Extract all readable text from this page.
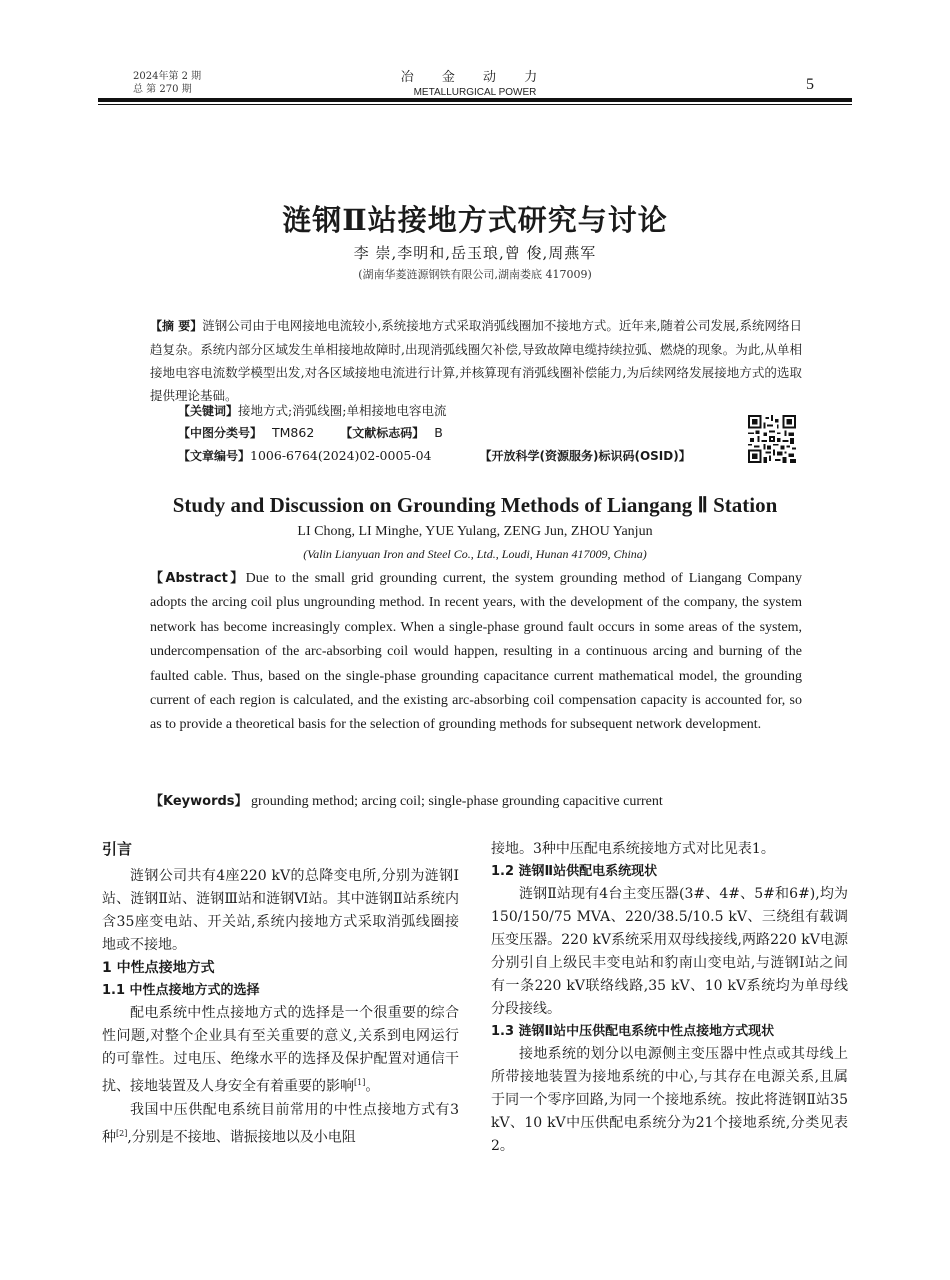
2024年第 2 期
总 第 270 期
冶 金 动 力
METALLURGICAL POWER	5
涟钢Ⅱ站接地方式研究与讨论
李 崇,李明和,岳玉琅,曾 俊,周燕军
(湖南华菱涟源钢铁有限公司,湖南娄底 417009)
【摘 要】涟钢公司由于电网接地电流较小,系统接地方式采取消弧线圈加不接地方式。近年来,随着公司发展,系统网络日趋复杂。系统内部分区域发生单相接地故障时,出现消弧线圈欠补偿,导致故障电缆持续拉弧、燃烧的现象。为此,从单相接地电容电流数学模型出发,对各区域接地电流进行计算,并核算现有消弧线圈补偿能力,为后续网络发展接地方式的选取提供理论基础。
【关键词】接地方式;消弧线圈;单相接地电容电流
【中图分类号】 TM862 【文献标志码】 B
【文章编号】1006-6764(2024)02-0005-04	【开放科学(资源服务)标识码(OSID)】
Study and Discussion on Grounding Methods of Liangang Ⅱ Station
LI Chong, LI Minghe, YUE Yulang, ZENG Jun, ZHOU Yanjun
(Valin Lianyuan Iron and Steel Co., Ltd., Loudi, Hunan 417009, China)
【Abstract】Due to the small grid grounding current, the system grounding method of Liangang Company adopts the arcing coil plus ungrounding method. In recent years, with the development of the company, the system network has become increasingly complex. When a single-phase ground fault occurs in some areas of the system, undercompensation of the arc-absorbing coil would happen, resulting in a continuous arcing and burning of the faulted cable. Thus, based on the single-phase grounding capacitance current mathematical model, the grounding current of each region is calculated, and the existing arc-absorbing coil compensation capacity is accounted for, so as to provide a theoretical basis for the selection of grounding methods for subsequent network development.
【Keywords】 grounding method; arcing coil; single-phase grounding capacitive current
引言

涟钢公司共有4座220 kV的总降变电所,分别为涟钢Ⅰ站、涟钢Ⅱ站、涟钢Ⅲ站和涟钢Ⅵ站。其中涟钢Ⅱ站系统内含35座变电站、开关站,系统内接地方式采取消弧线圈接地或不接地。

1 中性点接地方式
1.1 中性点接地方式的选择

配电系统中性点接地方式的选择是一个很重要的综合性问题,对整个企业具有至关重要的意义,关系到电网运行的可靠性。过电压、绝缘水平的选择及保护配置对通信干扰、接地装置及人身安全有着重要的影响[1]。

我国中压供配电系统目前常用的中性点接地方式有3种[2],分别是不接地、谐振接地以及小电阻

接地。3种中压配电系统接地方式对比见表1。

1.2 涟钢Ⅱ站供配电系统现状

涟钢Ⅱ站现有4台主变压器(3#、4#、5#和6#),均为150/150/75 MVA、220/38.5/10.5 kV、三绕组有载调压变压器。220 kV系统采用双母线接线,两路220 kV电源分别引自上级民丰变电站和豹南山变电站,与涟钢Ⅰ站之间有一条220 kV联络线路,35 kV、10 kV系统均为单母线分段接线。

1.3 涟钢Ⅱ站中压供配电系统中性点接地方式现状

接地系统的划分以电源侧主变压器中性点或其母线上所带接地装置为接地系统的中心,与其存在电源关系,且属于同一个零序回路,为同一个接地系统。按此将涟钢Ⅱ站35 kV、10 kV中压供配电系统分为21个接地系统,分类见表2。
